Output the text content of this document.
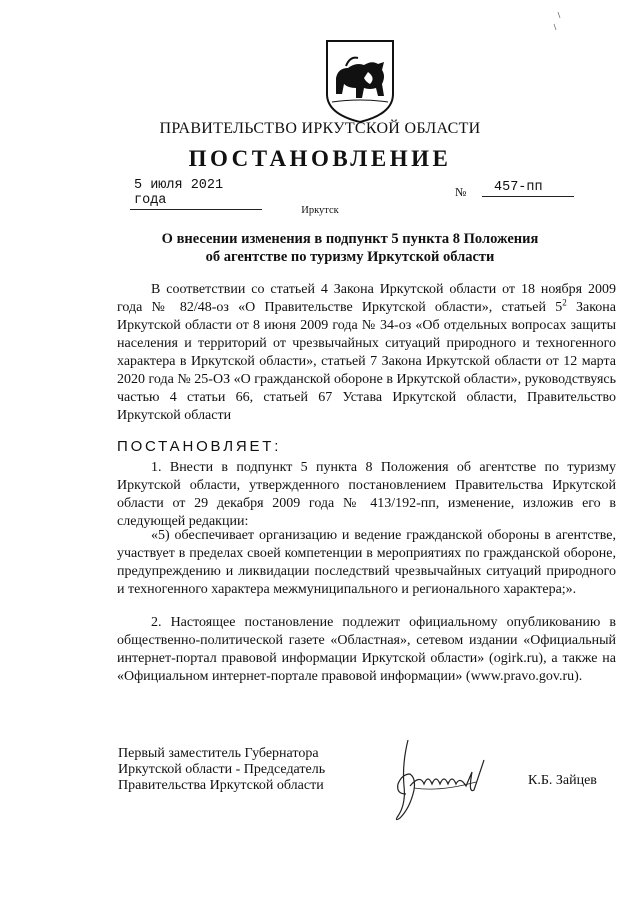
ПРАВИТЕЛЬСТВО ИРКУТСКОЙ ОБЛАСТИ
ПОСТАНОВЛЕНИЕ
5 июля 2021 года
№	457-пп
Иркутск
О внесении изменения в подпункт 5 пункта 8 Положения
об агентстве по туризму Иркутской области

В соответствии со статьей 4 Закона Иркутской области от 18 ноября 2009 года № 82/48-оз «О Правительстве Иркутской области», статьей $5^2$ Закона Иркутской области от 8 июня 2009 года № 34-оз «Об отдельных вопросах защиты населения и территорий от чрезвычайных ситуаций природного и техногенного характера в Иркутской области», статьей 7 Закона Иркутской области от 12 марта 2020 года № 25-ОЗ «О гражданской обороне в Иркутской области», руководствуясь частью 4 статьи 66, статьей 67 Устава Иркутской области, Правительство Иркутской области

ПОСТАНОВЛЯЕТ:

1. Внести в подпункт 5 пункта 8 Положения об агентстве по туризму Иркутской области, утвержденного постановлением Правительства Иркутской области от 29 декабря 2009 года № 413/192-пп, изменение, изложив его в следующей редакции:

«5) обеспечивает организацию и ведение гражданской обороны в агентстве, участвует в пределах своей компетенции в мероприятиях по гражданской обороне, предупреждению и ликвидации последствий чрезвычайных ситуаций природного и техногенного характера межмуниципального и регионального характера;».

2. Настоящее постановление подлежит официальному опубликованию в общественно-политической газете «Областная», сетевом издании «Официальный интернет-портал правовой информации Иркутской области» (ogirk.ru), а также на «Официальном интернет-портале правовой информации» (www.pravo.gov.ru).

Первый заместитель Губернатора
Иркутской области - Председатель
Правительства Иркутской области	К.Б. Зайцев
